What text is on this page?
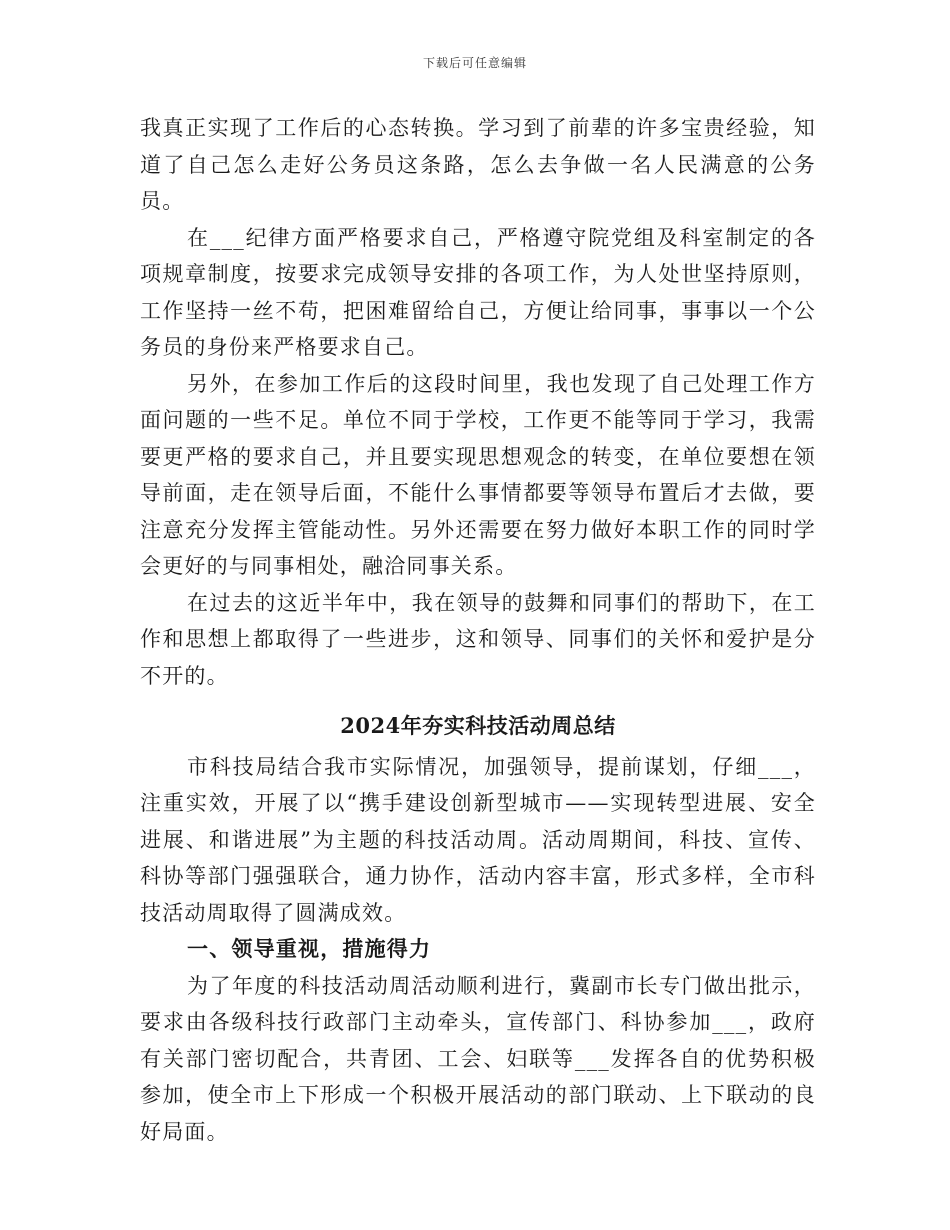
下载后可任意编辑

我真正实现了工作后的心态转换。学习到了前辈的许多宝贵经验，知道了自己怎么走好公务员这条路，怎么去争做一名人民满意的公务员。

在___纪律方面严格要求自己，严格遵守院党组及科室制定的各项规章制度，按要求完成领导安排的各项工作，为人处世坚持原则，工作坚持一丝不苟，把困难留给自己，方便让给同事，事事以一个公务员的身份来严格要求自己。

另外，在参加工作后的这段时间里，我也发现了自己处理工作方面问题的一些不足。单位不同于学校，工作更不能等同于学习，我需要更严格的要求自己，并且要实现思想观念的转变，在单位要想在领导前面，走在领导后面，不能什么事情都要等领导布置后才去做，要注意充分发挥主管能动性。另外还需要在努力做好本职工作的同时学会更好的与同事相处，融洽同事关系。

在过去的这近半年中，我在领导的鼓舞和同事们的帮助下，在工作和思想上都取得了一些进步，这和领导、同事们的关怀和爱护是分不开的。

2024年夯实科技活动周总结

市科技局结合我市实际情况，加强领导，提前谋划，仔细___，注重实效，开展了以“携手建设创新型城市——实现转型进展、安全进展、和谐进展”为主题的科技活动周。活动周期间，科技、宣传、科协等部门强强联合，通力协作，活动内容丰富，形式多样，全市科技活动周取得了圆满成效。

一、领导重视，措施得力

为了年度的科技活动周活动顺利进行，冀副市长专门做出批示，要求由各级科技行政部门主动牵头，宣传部门、科协参加___，政府有关部门密切配合，共青团、工会、妇联等___发挥各自的优势积极参加，使全市上下形成一个积极开展活动的部门联动、上下联动的良好局面。
